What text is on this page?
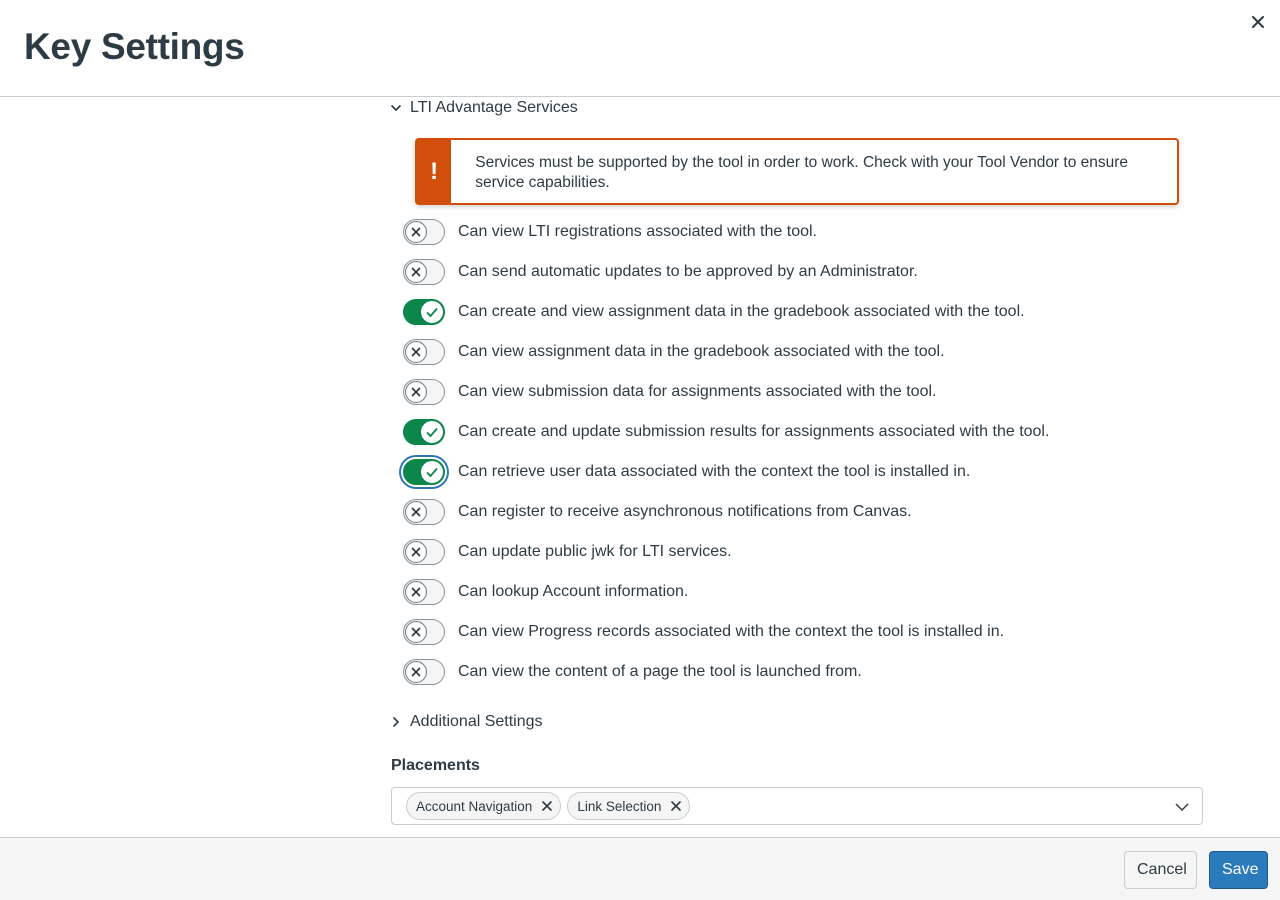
Key Settings
LTI Advantage Services
!	Services must be supported by the tool in order to work. Check with your Tool Vendor to ensure service capabilities.
Can view LTI registrations associated with the tool.
Can send automatic updates to be approved by an Administrator.
Can create and view assignment data in the gradebook associated with the tool.
Can view assignment data in the gradebook associated with the tool.
Can view submission data for assignments associated with the tool.
Can create and update submission results for assignments associated with the tool.
Can retrieve user data associated with the context the tool is installed in.
Can register to receive asynchronous notifications from Canvas.
Can update public jwk for LTI services.
Can lookup Account information.
Can view Progress records associated with the context the tool is installed in.
Can view the content of a page the tool is launched from.
Additional Settings
Placements
Account Navigation	Link Selection
Cancel	Save
